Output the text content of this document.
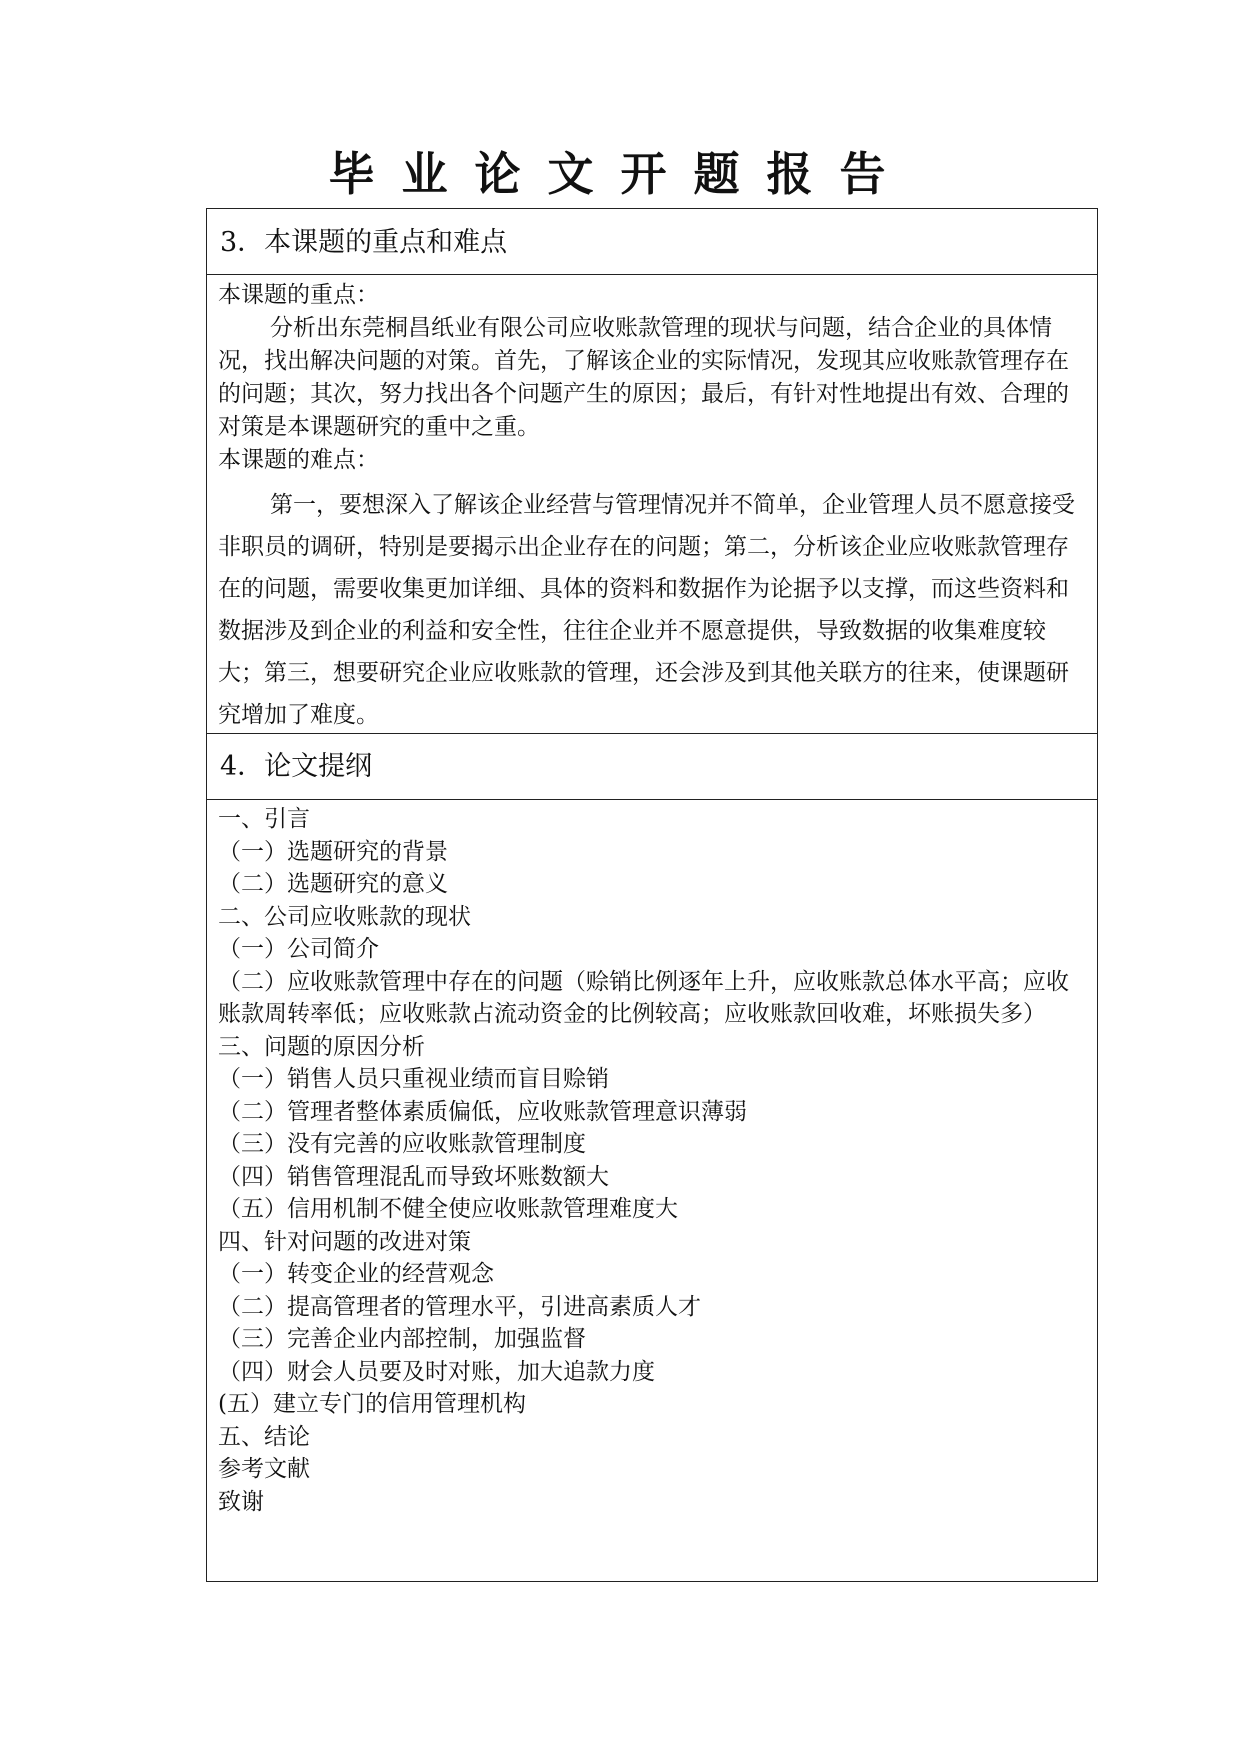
毕业论文开题报告
3．本课题的重点和难点
本课题的重点：

分析出东莞桐昌纸业有限公司应收账款管理的现状与问题，结合企业的具体情况，找出解决问题的对策。首先，了解该企业的实际情况，发现其应收账款管理存在的问题；其次，努力找出各个问题产生的原因；最后，有针对性地提出有效、合理的对策是本课题研究的重中之重。

本课题的难点：

第一，要想深入了解该企业经营与管理情况并不简单，企业管理人员不愿意接受非职员的调研，特别是要揭示出企业存在的问题；第二，分析该企业应收账款管理存在的问题，需要收集更加详细、具体的资料和数据作为论据予以支撑，而这些资料和数据涉及到企业的利益和安全性，往往企业并不愿意提供，导致数据的收集难度较大；第三，想要研究企业应收账款的管理，还会涉及到其他关联方的往来，使课题研究增加了难度。

4．论文提纲
一、引言
（一）选题研究的背景
（二）选题研究的意义
二、公司应收账款的现状
（一）公司简介
（二）应收账款管理中存在的问题（赊销比例逐年上升，应收账款总体水平高；应收账款周转率低；应收账款占流动资金的比例较高；应收账款回收难，坏账损失多）
三、问题的原因分析
（一）销售人员只重视业绩而盲目赊销
（二）管理者整体素质偏低，应收账款管理意识薄弱
（三）没有完善的应收账款管理制度
（四）销售管理混乱而导致坏账数额大
（五）信用机制不健全使应收账款管理难度大
四、针对问题的改进对策
（一）转变企业的经营观念
（二）提高管理者的管理水平，引进高素质人才
（三）完善企业内部控制，加强监督
（四）财会人员要及时对账，加大追款力度
(五）建立专门的信用管理机构
五、结论
参考文献
致谢
